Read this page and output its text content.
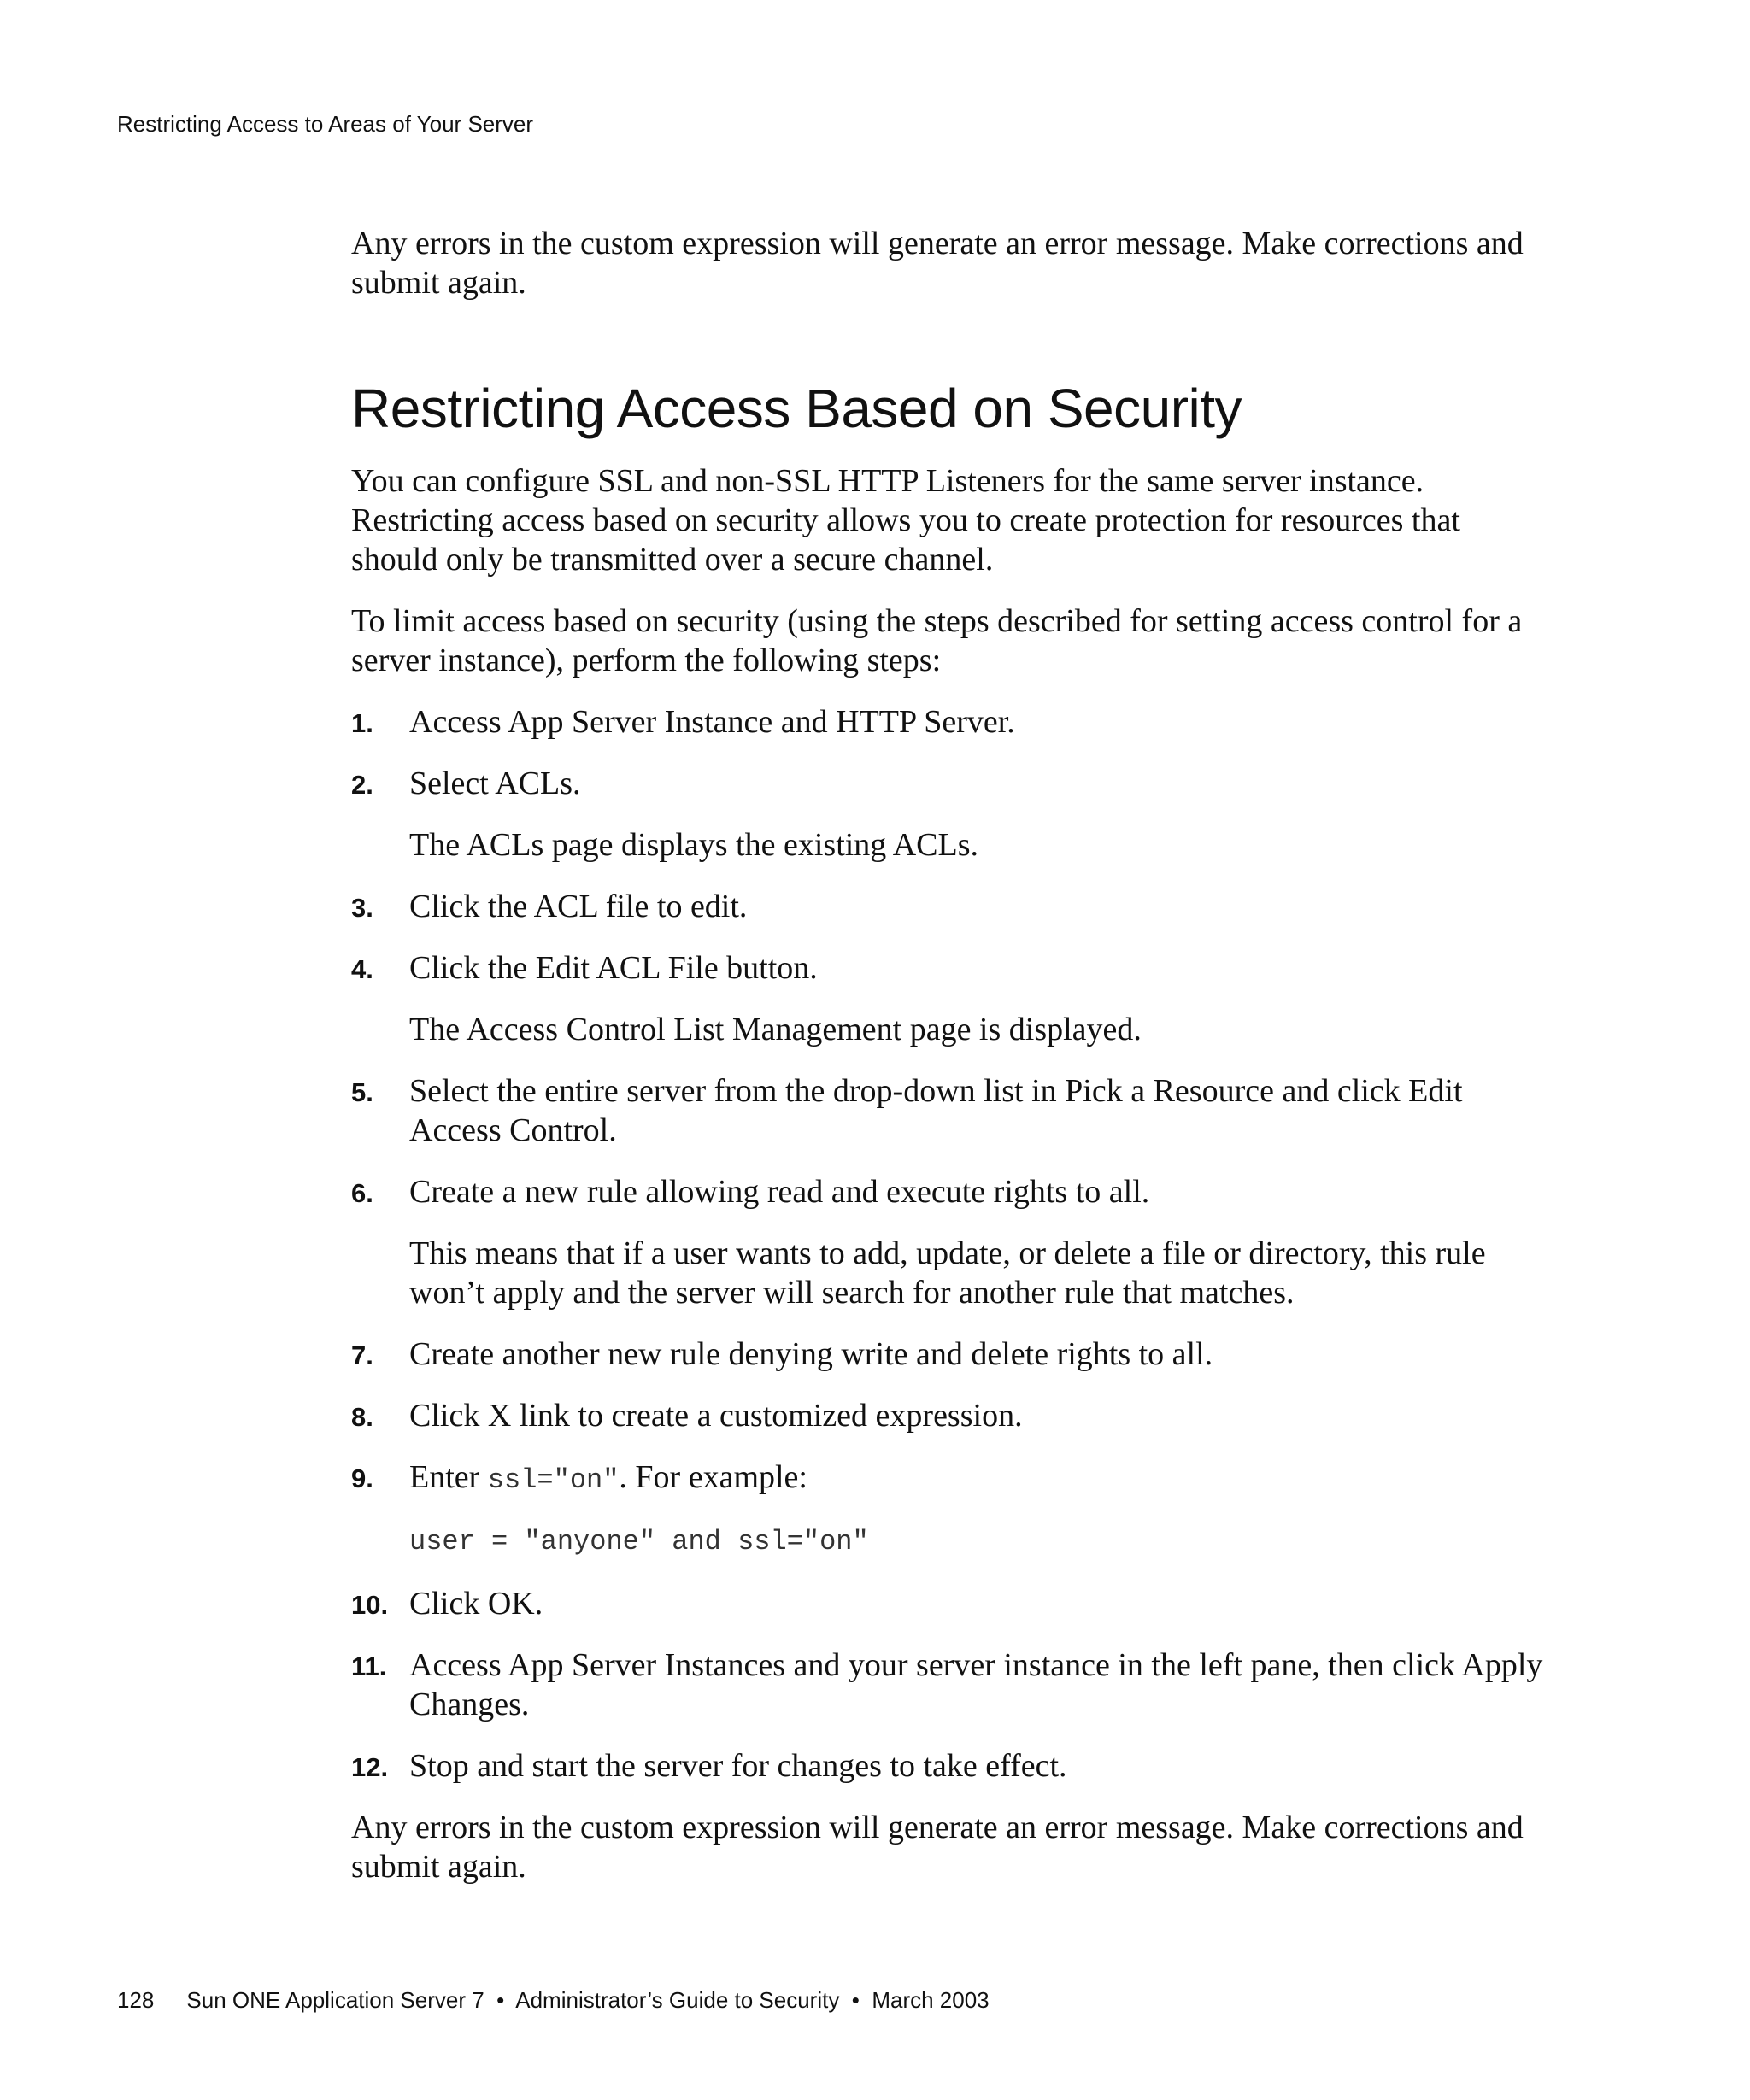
Restricting Access to Areas of Your Server

Any errors in the custom expression will generate an error message. Make corrections and submit again.

Restricting Access Based on Security

You can configure SSL and non-SSL HTTP Listeners for the same server instance. Restricting access based on security allows you to create protection for resources that should only be transmitted over a secure channel.

To limit access based on security (using the steps described for setting access control for a server instance), perform the following steps:

1. Access App Server Instance and HTTP Server.
2. Select ACLs.
The ACLs page displays the existing ACLs.
3. Click the ACL file to edit.
4. Click the Edit ACL File button.
The Access Control List Management page is displayed.
5. Select the entire server from the drop-down list in Pick a Resource and click Edit Access Control.
6. Create a new rule allowing read and execute rights to all.
This means that if a user wants to add, update, or delete a file or directory, this rule won’t apply and the server will search for another rule that matches.
7. Create another new rule denying write and delete rights to all.
8. Click X link to create a customized expression.
9. Enter ssl="on". For example:
user = "anyone" and ssl="on"
10. Click OK.
11. Access App Server Instances and your server instance in the left pane, then click Apply Changes.
12. Stop and start the server for changes to take effect.

Any errors in the custom expression will generate an error message. Make corrections and submit again.

128 Sun ONE Application Server 7  •  Administrator’s Guide to Security  •  March 2003
